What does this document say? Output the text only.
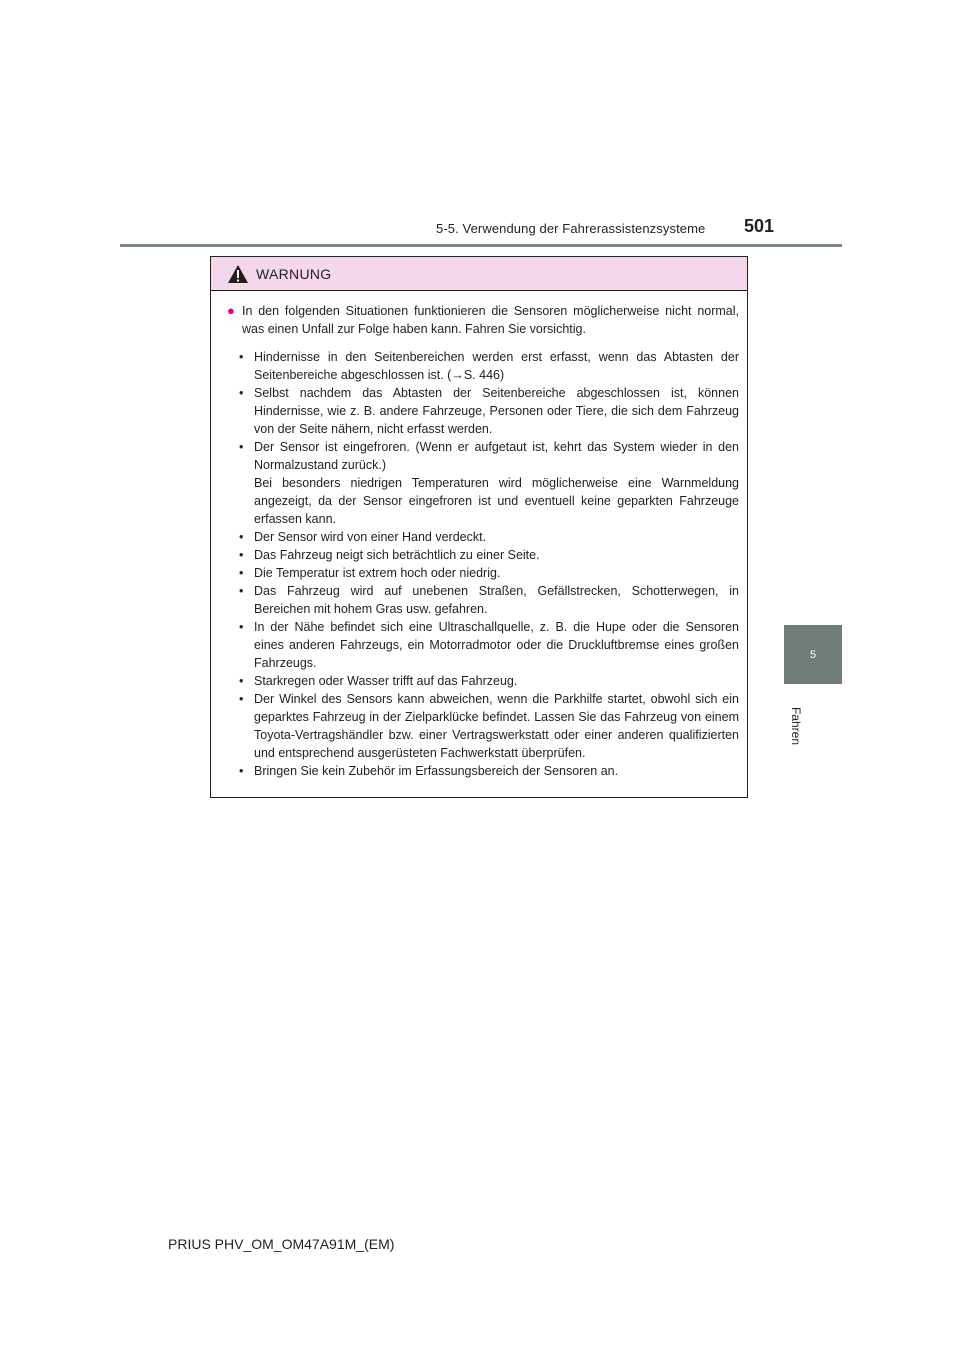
5-5. Verwendung der Fahrerassistenzsysteme 501
5
Fahren
WARNUNG
● In den folgenden Situationen funktionieren die Sensoren möglicherweise nicht normal, was einen Unfall zur Folge haben kann. Fahren Sie vorsichtig.
• Hindernisse in den Seitenbereichen werden erst erfasst, wenn das Abtasten der Seitenbereiche abgeschlossen ist. (→S. 446)
• Selbst nachdem das Abtasten der Seitenbereiche abgeschlossen ist, können Hindernisse, wie z. B. andere Fahrzeuge, Personen oder Tiere, die sich dem Fahrzeug von der Seite nähern, nicht erfasst werden.
• Der Sensor ist eingefroren. (Wenn er aufgetaut ist, kehrt das System wieder in den Normalzustand zurück.)
Bei besonders niedrigen Temperaturen wird möglicherweise eine Warnmeldung angezeigt, da der Sensor eingefroren ist und eventuell keine geparkten Fahrzeuge erfassen kann.
• Der Sensor wird von einer Hand verdeckt.
• Das Fahrzeug neigt sich beträchtlich zu einer Seite.
• Die Temperatur ist extrem hoch oder niedrig.
• Das Fahrzeug wird auf unebenen Straßen, Gefällstrecken, Schotterwegen, in Bereichen mit hohem Gras usw. gefahren.
• In der Nähe befindet sich eine Ultraschallquelle, z. B. die Hupe oder die Sensoren eines anderen Fahrzeugs, ein Motorradmotor oder die Druckluftbremse eines großen Fahrzeugs.
• Starkregen oder Wasser trifft auf das Fahrzeug.
• Der Winkel des Sensors kann abweichen, wenn die Parkhilfe startet, obwohl sich ein geparktes Fahrzeug in der Zielparklücke befindet. Lassen Sie das Fahrzeug von einem Toyota-Vertragshändler bzw. einer Vertragswerkstatt oder einer anderen qualifizierten und entsprechend ausgerüsteten Fachwerkstatt überprüfen.
• Bringen Sie kein Zubehör im Erfassungsbereich der Sensoren an.
PRIUS PHV_OM_OM47A91M_(EM)
